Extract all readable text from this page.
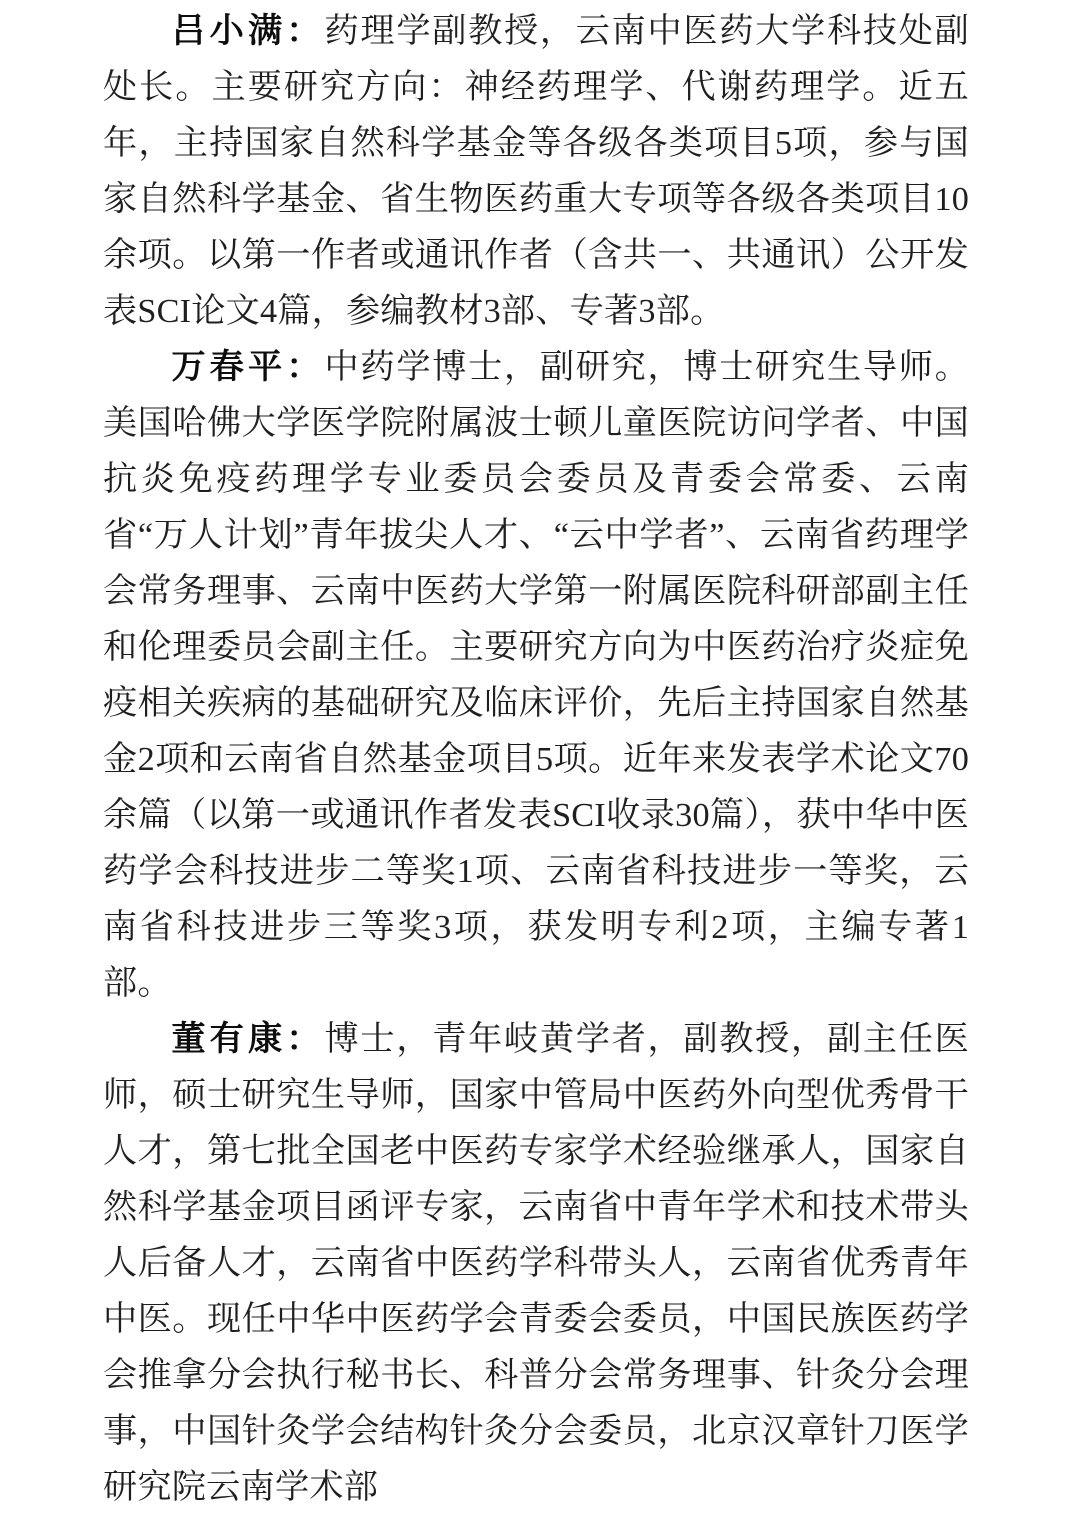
吕小满：药理学副教授，云南中医药大学科技处副处长。主要研究方向：神经药理学、代谢药理学。近五年，主持国家自然科学基金等各级各类项目5项，参与国家自然科学基金、省生物医药重大专项等各级各类项目10余项。以第一作者或通讯作者（含共一、共通讯）公开发表SCI论文4篇，参编教材3部、专著3部。

万春平：中药学博士，副研究，博士研究生导师。美国哈佛大学医学院附属波士顿儿童医院访问学者、中国抗炎免疫药理学专业委员会委员及青委会常委、云南省“万人计划”青年拔尖人才、“云中学者”、云南省药理学会常务理事、云南中医药大学第一附属医院科研部副主任和伦理委员会副主任。主要研究方向为中医药治疗炎症免疫相关疾病的基础研究及临床评价，先后主持国家自然基金2项和云南省自然基金项目5项。近年来发表学术论文70余篇（以第一或通讯作者发表SCI收录30篇），获中华中医药学会科技进步二等奖1项、云南省科技进步一等奖，云南省科技进步三等奖3项，获发明专利2项，主编专著1部。

董有康：博士，青年岐黄学者，副教授，副主任医师，硕士研究生导师，国家中管局中医药外向型优秀骨干人才，第七批全国老中医药专家学术经验继承人，国家自然科学基金项目函评专家，云南省中青年学术和技术带头人后备人才，云南省中医药学科带头人，云南省优秀青年中医。现任中华中医药学会青委会委员，中国民族医药学会推拿分会执行秘书长、科普分会常务理事、针灸分会理事，中国针灸学会结构针灸分会委员，北京汉章针刀医学研究院云南学术部
